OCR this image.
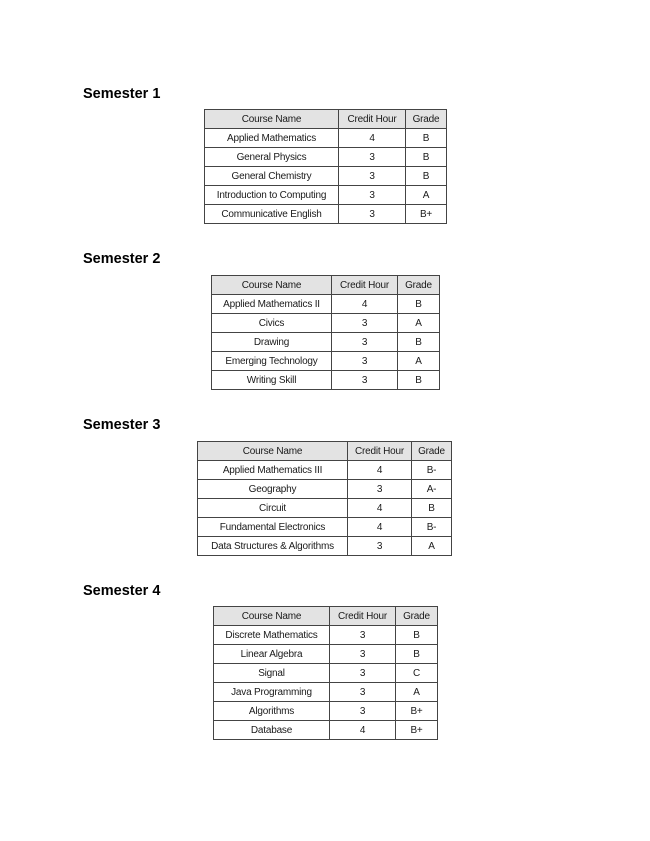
Semester 1
Course Name	Credit Hour	Grade
Applied Mathematics	4	B
General Physics	3	B
General Chemistry	3	B
Introduction to Computing	3	A
Communicative English	3	B+
Semester 2
Course Name	Credit Hour	Grade
Applied Mathematics II	4	B
Civics	3	A
Drawing	3	B
Emerging Technology	3	A
Writing Skill	3	B
Semester 3
Course Name	Credit Hour	Grade
Applied Mathematics III	4	B-
Geography	3	A-
Circuit	4	B
Fundamental Electronics	4	B-
Data Structures & Algorithms	3	A
Semester 4
Course Name	Credit Hour	Grade
Discrete Mathematics	3	B
Linear Algebra	3	B
Signal	3	C
Java Programming	3	A
Algorithms	3	B+
Database	4	B+
